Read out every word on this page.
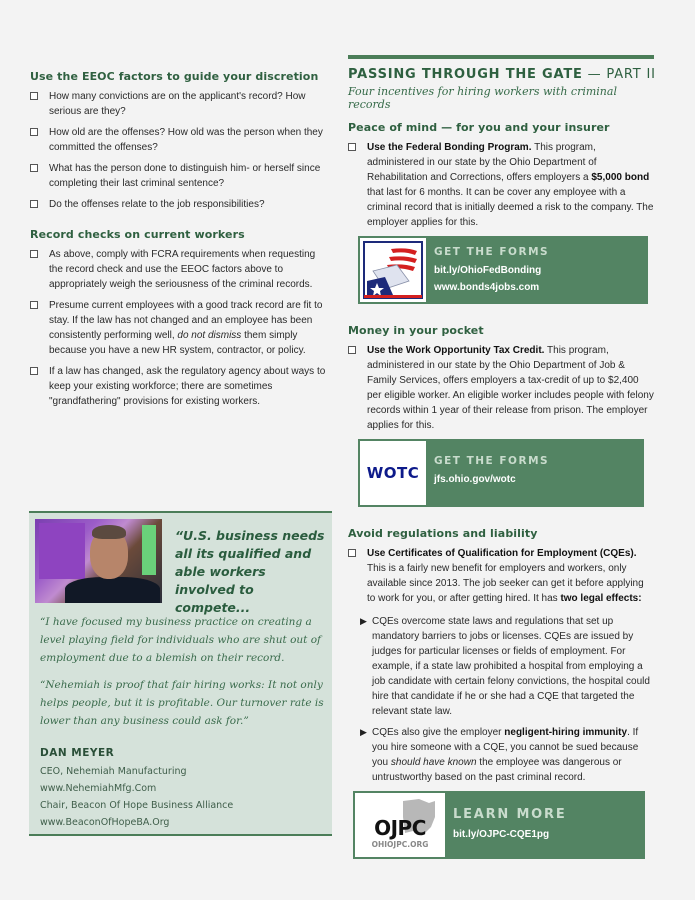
Use the EEOC factors to guide your discretion
How many convictions are on the applicant's record? How serious are they?
How old are the offenses? How old was the person when they committed the offenses?
What has the person done to distinguish him- or herself since completing their last criminal sentence?
Do the offenses relate to the job responsibilities?
Record checks on current workers
As above, comply with FCRA requirements when requesting the record check and use the EEOC factors above to appropriately weigh the seriousness of the criminal records.
Presume current employees with a good track record are fit to stay. If the law has not changed and an employee has been consistently performing well, do not dismiss them simply because you have a new HR system, contractor, or policy.
If a law has changed, ask the regulatory agency about ways to keep your existing workforce; there are sometimes "grandfathering" provisions for existing workers.
“U.S. business needs all its qualified and able workers involved to compete...

“I have focused my business practice on creating a level playing field for individuals who are shut out of employment due to a blemish on their record.

“Nehemiah is proof that fair hiring works: It not only helps people, but it is profitable. Our turnover rate is lower than any business could ask for.”

DAN MEYER
CEO, Nehemiah Manufacturing
www.NehemiahMfg.Com
Chair, Beacon Of Hope Business Alliance
www.BeaconOfHopeBA.Org
PASSING THROUGH THE GATE — PART II
Four incentives for hiring workers with criminal records
Peace of mind — for you and your insurer
Use the Federal Bonding Program. This program, administered in our state by the Ohio Department of Rehabilitation and Corrections, offers employers a $5,000 bond that last for 6 months. It can be cover any employee with a criminal record that is initially deemed a risk to the company. The employer applies for this.
GET THE FORMS
bit.ly/OhioFedBonding
www.bonds4jobs.com
Money in your pocket
Use the Work Opportunity Tax Credit. This program, administered in our state by the Ohio Department of Job & Family Services, offers employers a tax-credit of up to $2,400 per eligible worker. An eligible worker includes people with felony records within 1 year of their release from prison. The employer applies for this.
WOTC
GET THE FORMS
jfs.ohio.gov/wotc
Avoid regulations and liability
Use Certificates of Qualification for Employment (CQEs). This is a fairly new benefit for employers and workers, only available since 2013. The job seeker can get it before applying to work for you, or after getting hired. It has two legal effects:
▶ CQEs overcome state laws and regulations that set up mandatory barriers to jobs or licenses. CQEs are issued by judges for particular licenses or fields of employment. For example, if a state law prohibited a hospital from employing a job candidate with certain felony convictions, the hospital could hire that candidate if he or she had a CQE that targeted the relevant state law.
▶ CQEs also give the employer negligent-hiring immunity. If you hire someone with a CQE, you cannot be sued because you should have known the employee was dangerous or untrustworthy based on the past criminal record.
OJPC
OHIOJPC.ORG
LEARN MORE
bit.ly/OJPC-CQE1pg
